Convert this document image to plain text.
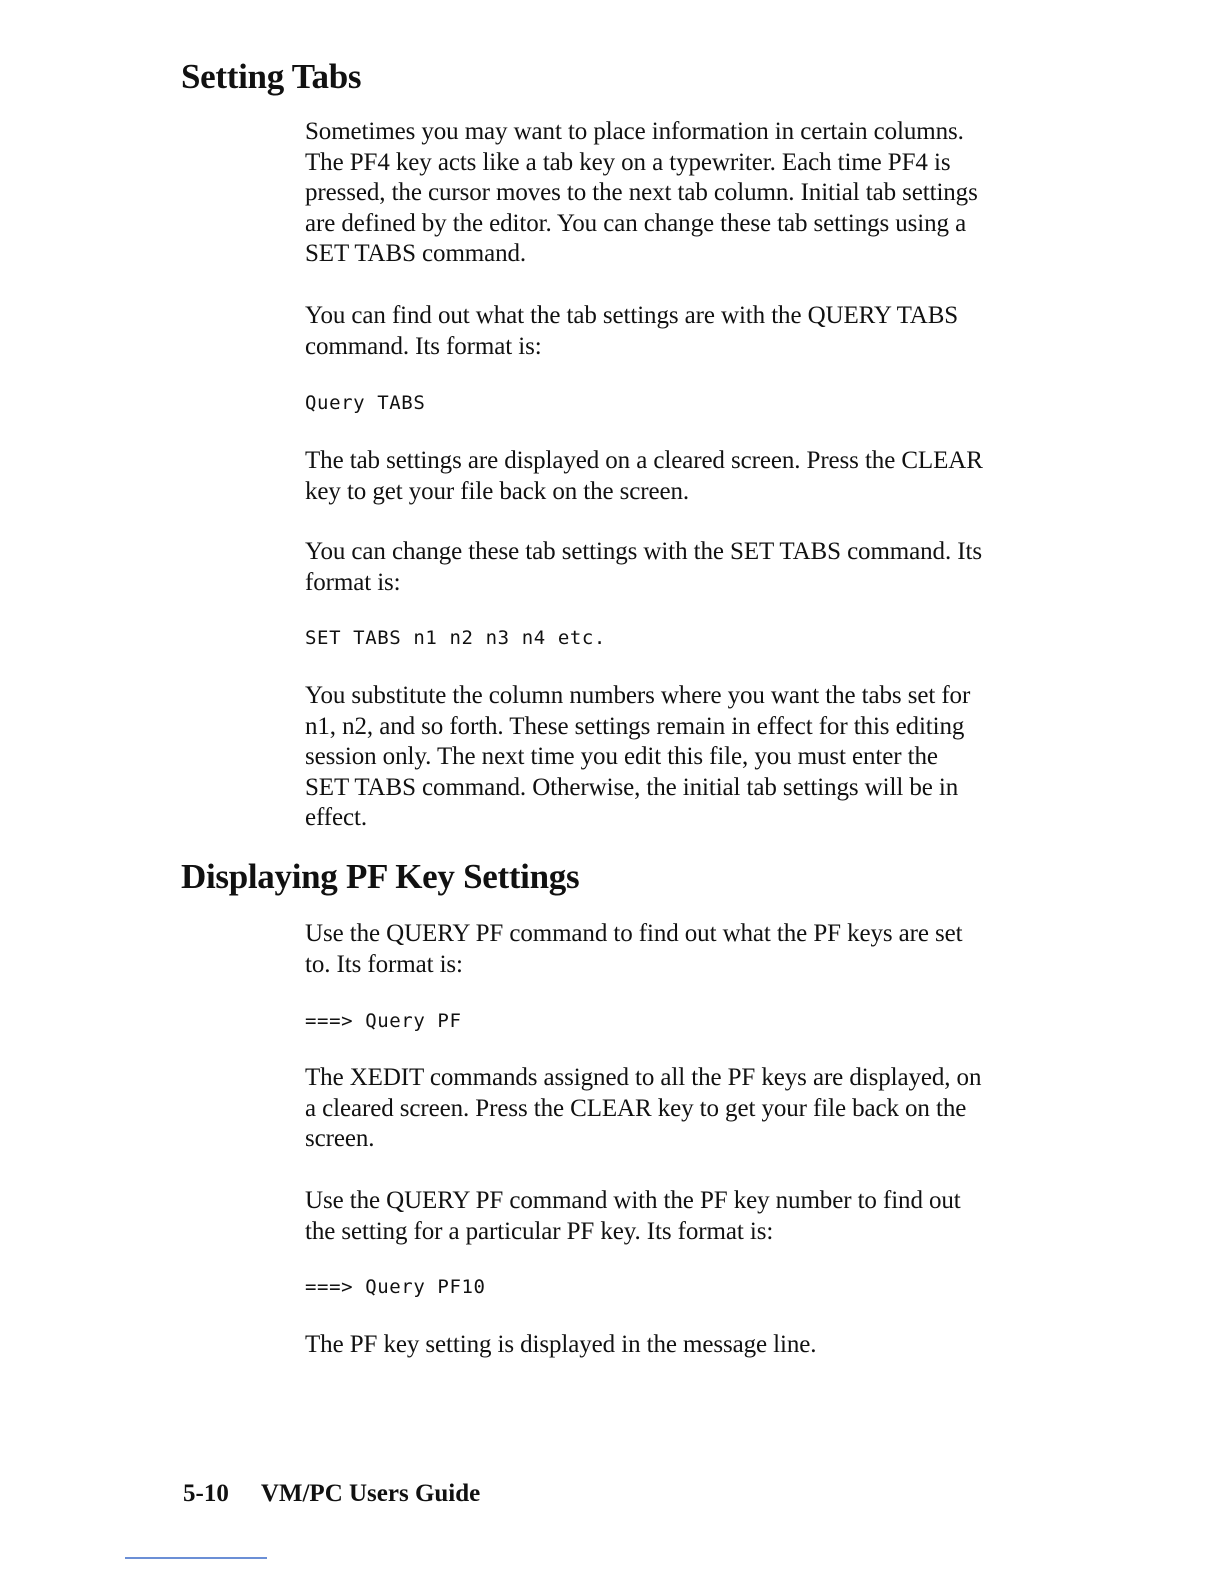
Setting Tabs

Sometimes you may want to place information in certain columns. The PF4 key acts like a tab key on a typewriter. Each time PF4 is pressed, the cursor moves to the next tab column. Initial tab settings are defined by the editor. You can change these tab settings using a SET TABS command.

You can find out what the tab settings are with the QUERY TABS command. Its format is:

Query TABS

The tab settings are displayed on a cleared screen. Press the CLEAR key to get your file back on the screen.

You can change these tab settings with the SET TABS command. Its format is:

SET TABS n1 n2 n3 n4 etc.

You substitute the column numbers where you want the tabs set for n1, n2, and so forth. These settings remain in effect for this editing session only. The next time you edit this file, you must enter the SET TABS command. Otherwise, the initial tab settings will be in effect.

Displaying PF Key Settings

Use the QUERY PF command to find out what the PF keys are set to. Its format is:

===> Query PF

The XEDIT commands assigned to all the PF keys are displayed, on a cleared screen. Press the CLEAR key to get your file back on the screen.

Use the QUERY PF command with the PF key number to find out the setting for a particular PF key. Its format is:

===> Query PF10

The PF key setting is displayed in the message line.

5-10 VM/PC Users Guide
